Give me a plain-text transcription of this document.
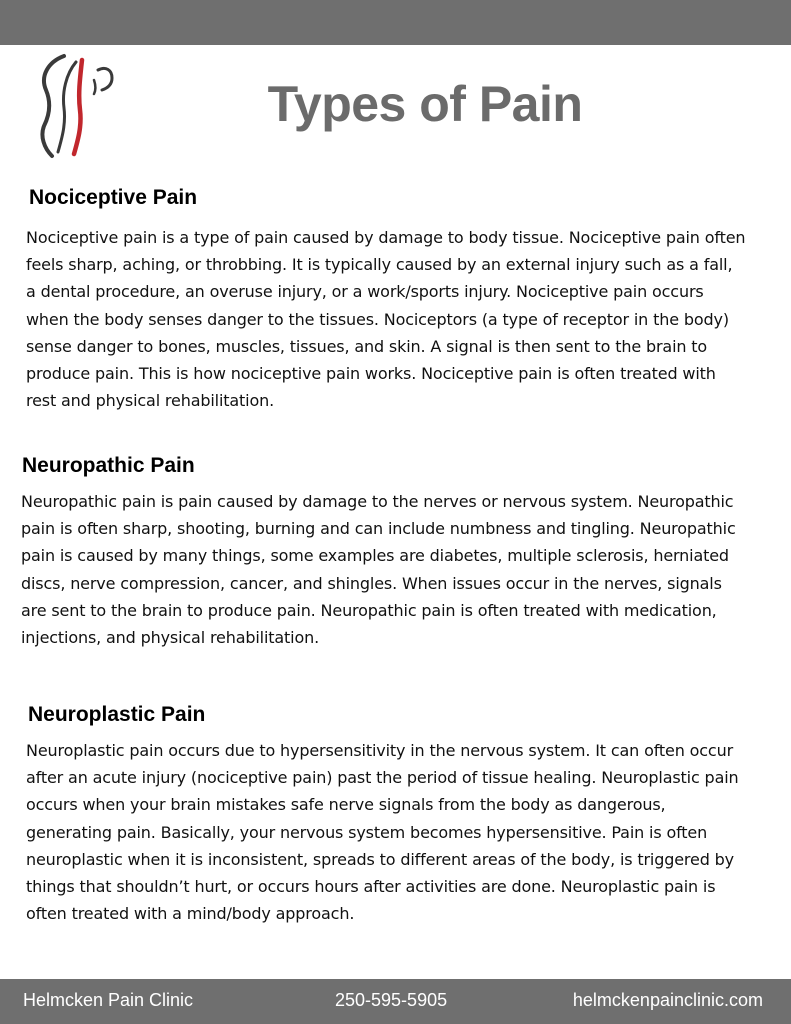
Types of Pain
Nociceptive Pain

Nociceptive pain is a type of pain caused by damage to body tissue. Nociceptive pain often feels sharp, aching, or throbbing. It is typically caused by an external injury such as a fall, a dental procedure, an overuse injury, or a work/sports injury. Nociceptive pain occurs when the body senses danger to the tissues. Nociceptors (a type of receptor in the body) sense danger to bones, muscles, tissues, and skin. A signal is then sent to the brain to produce pain. This is how nociceptive pain works. Nociceptive pain is often treated with rest and physical rehabilitation.

Neuropathic Pain

Neuropathic pain is pain caused by damage to the nerves or nervous system. Neuropathic pain is often sharp, shooting, burning and can include numbness and tingling. Neuropathic pain is caused by many things, some examples are diabetes, multiple sclerosis, herniated discs, nerve compression, cancer, and shingles. When issues occur in the nerves, signals are sent to the brain to produce pain. Neuropathic pain is often treated with medication, injections, and physical rehabilitation.

Neuroplastic Pain

Neuroplastic pain occurs due to hypersensitivity in the nervous system. It can often occur after an acute injury (nociceptive pain) past the period of tissue healing. Neuroplastic pain occurs when your brain mistakes safe nerve signals from the body as dangerous, generating pain. Basically, your nervous system becomes hypersensitive. Pain is often neuroplastic when it is inconsistent, spreads to different areas of the body, is triggered by things that shouldn’t hurt, or occurs hours after activities are done. Neuroplastic pain is often treated with a mind/body approach.

Helmcken Pain Clinic	250-595-5905	helmckenpainclinic.com
